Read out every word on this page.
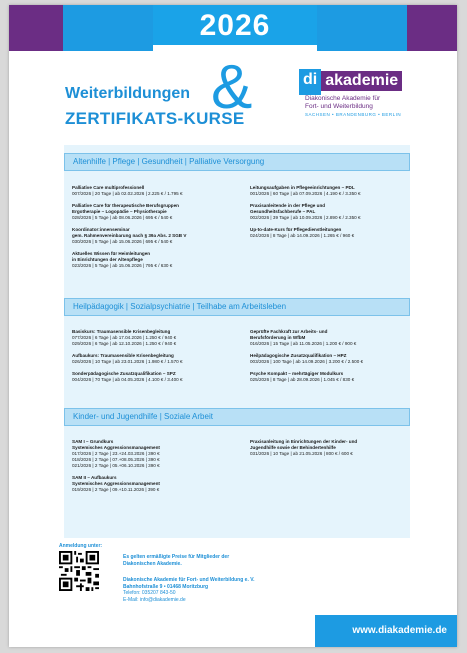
2026
Weiterbildungen &
ZERTIFIKATS-KURSE
di akademie
Diakonische Akademie für
Fort- und Weiterbildung
SACHSEN • BRANDENBURG • BERLIN
Altenhilfe | Pflege | Gesundheit | Palliative Versorgung
Palliative Care multiprofessionell
007/2026 | 20 Tage | ab 02.02.2026 | 2.225 € / 1.795 €
Palliative Care für therapeutische Berufsgruppen
Ergotherapie – Logopädie – Physiotherapie
028/2026 | 5 Tage | ab 08.06.2026 | 695 € / 540 €
Koordinator:innenseminar
gem. Rahmenvereinbarung nach § 39a Abs. 2 SGB V
030/2026 | 5 Tage | ab 15.06.2026 | 695 € / 540 €
Aktuelles Wissen für Heimleitungen
in Einrichtungen der Altenpflege
023/2026 | 5 Tage | ab 15.06.2026 | 795 € / 630 €
Leitungsaufgaben in Pflegeeinrichtungen – PDL
001/2026 | 60 Tage | ab 07.09.2026 | 4.190 € / 3.350 €
Praxisanleitende in der Pflege und
Gesundheitsfachberufe – PAL
002/2026 | 39 Tage | ab 10.09.2026 | 2.890 € / 2.350 €
Up-to-date-Kurs für Pflegedienstleitungen
024/2026 | 8 Tage | ab 14.09.2026 | 1.265 € / 960 €
Heilpädagogik | Sozialpsychiatrie | Teilhabe am Arbeitsleben
Basiskurs: Traumasensible Krisenbegleitung
077/2026 | 6 Tage | ab 17.04.2026 | 1.250 € / 940 €
029/2026 | 6 Tage | ab 12.10.2026 | 1.250 € / 940 €
Aufbaukurs: Traumasensible Krisenbegleitung
026/2026 | 10 Tage | ab 23.01.2026 | 1.980 € / 1.570 €
Sonderpädagogische Zusatzqualifikation – SPZ
004/2026 | 70 Tage | ab 04.05.2026 | 4.100 € / 3.400 €
Geprüfte Fachkraft zur Arbeits- und
Berufsförderung in WfbM
016/2026 | 15 Tage | ab 11.05.2026 | 1.200 € / 900 €
Heilpädagogische Zusatzqualifikation – HPZ
003/2026 | 100 Tage | ab 14.09.2026 | 3.200 € / 2.500 €
Psyche Kompakt – mehrtägiger Modulkurs
025/2026 | 8 Tage | ab 28.09.2026 | 1.045 € / 830 €
Kinder- und Jugendhilfe | Soziale Arbeit
SAM I – Grundkurs
Systemisches Aggressionsmanagement
017/2026 | 2 Tage | 23.+24.03.2026 | 390 €
018/2026 | 2 Tage | 07.+08.05.2026 | 390 €
021/2026 | 2 Tage | 05.+06.10.2026 | 390 €
SAM II – Aufbaukurs
Systemisches Aggressionsmanagement
019/2026 | 2 Tage | 09.+10.11.2026 | 390 €
Praxisanleitung in Einrichtungen der Kinder- und
Jugendhilfe sowie der Behindertenhilfe
031/2026 | 10 Tage | ab 21.05.2026 | 800 € / 600 €
Anmeldung unter:
Es gelten ermäßigte Preise für Mitglieder der
Diakonischen Akademie.
Diakonische Akademie für Fort- und Weiterbildung e. V.
Bahnhofstraße 9 • 01468 Moritzburg
Telefon: 035207 843-50
E-Mail: info@diakademie.de
www.diakademie.de
